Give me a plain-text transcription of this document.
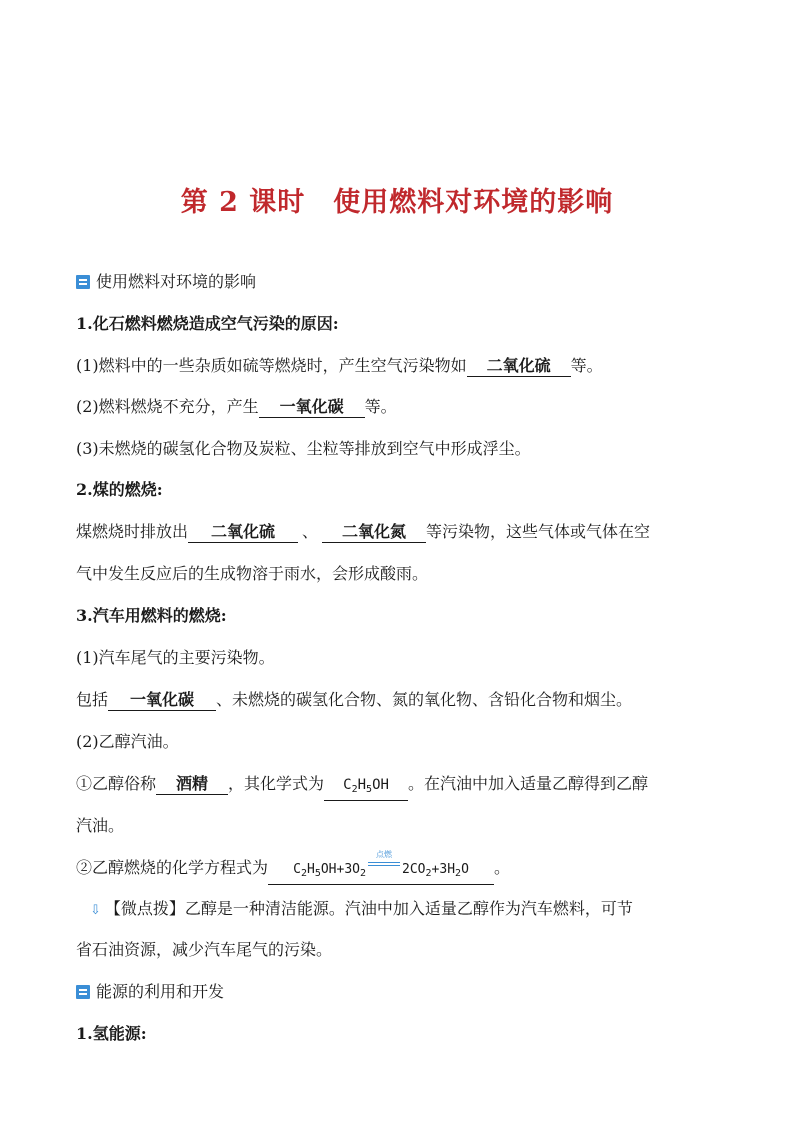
第 2 课时　使用燃料对环境的影响
使用燃料对环境的影响
1.化石燃料燃烧造成空气污染的原因:
(1)燃料中的一些杂质如硫等燃烧时，产生空气污染物如 二氧化硫 等。
(2)燃料燃烧不充分，产生 一氧化碳 等。
(3)未燃烧的碳氢化合物及炭粒、尘粒等排放到空气中形成浮尘。
2.煤的燃烧:
煤燃烧时排放出 二氧化硫 、 二氧化氮 等污染物，这些气体或气体在空
气中发生反应后的生成物溶于雨水，会形成酸雨。
3.汽车用燃料的燃烧:
(1)汽车尾气的主要污染物。
包括 一氧化碳 、未燃烧的碳氢化合物、氮的氧化物、含铅化合物和烟尘。
(2)乙醇汽油。
①乙醇俗称 酒精 ，其化学式为 $C_2H_5OH$ 。在汽油中加入适量乙醇得到乙醇
汽油。
②乙醇燃烧的化学方程式为 $C_2H_5OH+3O_2$
点燃
$2CO_2+3H_2O$ 。
⇩ 【微点拨】乙醇是一种清洁能源。汽油中加入适量乙醇作为汽车燃料，可节
省石油资源，减少汽车尾气的污染。
能源的利用和开发
1.氢能源:
